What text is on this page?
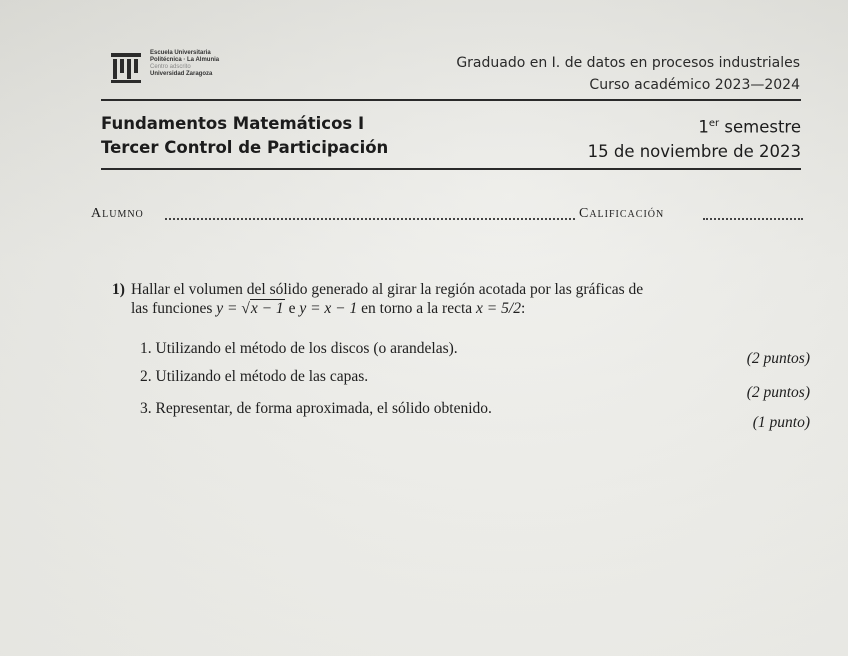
Escuela Universitaria
Politécnica · La Almunia
Centro adscrito
Universidad Zaragoza
Graduado en I. de datos en procesos industriales
Curso académico 2023—2024
Fundamentos Matemáticos I
Tercer Control de Participación
1er semestre
15 de noviembre de 2023
Alumno	Calificación
1) Hallar el volumen del sólido generado al girar la región acotada por las gráficas de
las funciones y = √x − 1 e y = x − 1 en torno a la recta x = 5/2:
1. Utilizando el método de los discos (o arandelas).
(2 puntos)
2. Utilizando el método de las capas.
(2 puntos)
3. Representar, de forma aproximada, el sólido obtenido.
(1 punto)
